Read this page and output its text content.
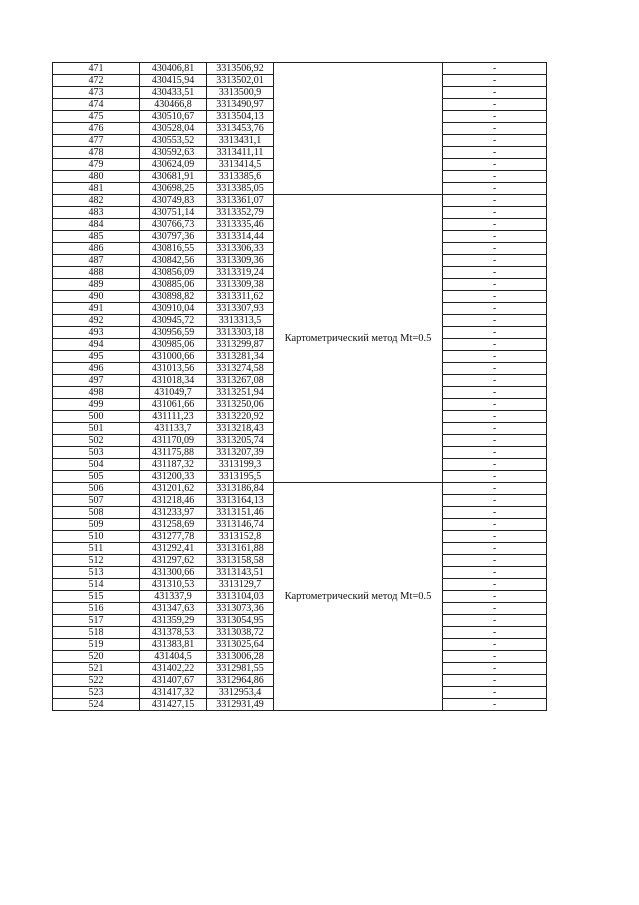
471	430406,81	3313506,92		-
472	430415,94	3313502,01		-
473	430433,51	3313500,9		-
474	430466,8	3313490,97		-
475	430510,67	3313504,13		-
476	430528,04	3313453,76		-
477	430553,52	3313431,1		-
478	430592,63	3313411,11		-
479	430624,09	3313414,5		-
480	430681,91	3313385,6		-
481	430698,25	3313385,05		-
482	430749,83	3313361,07	Картометрический метод Mt=0.5	-
483	430751,14	3313352,79		-
484	430766,73	3313335,46		-
485	430797,36	3313314,44		-
486	430816,55	3313306,33		-
487	430842,56	3313309,36		-
488	430856,09	3313319,24		-
489	430885,06	3313309,38		-
490	430898,82	3313311,62		-
491	430910,04	3313307,93		-
492	430945,72	3313313,5		-
493	430956,59	3313303,18		-
494	430985,06	3313299,87		-
495	431000,66	3313281,34		-
496	431013,56	3313274,58		-
497	431018,34	3313267,08		-
498	431049,7	3313251,94		-
499	431061,66	3313250,06		-
500	431111,23	3313220,92		-
501	431133,7	3313218,43		-
502	431170,09	3313205,74		-
503	431175,88	3313207,39		-
504	431187,32	3313199,3		-
505	431200,33	3313195,5		-
506	431201,62	3313186,84	Картометрический метод Mt=0.5	-
507	431218,46	3313164,13		-
508	431233,97	3313151,46		-
509	431258,69	3313146,74		-
510	431277,78	3313152,8		-
511	431292,41	3313161,88		-
512	431297,62	3313158,58		-
513	431300,66	3313143,51		-
514	431310,53	3313129,7		-
515	431337,9	3313104,03		-
516	431347,63	3313073,36		-
517	431359,29	3313054,95		-
518	431378,53	3313038,72		-
519	431383,81	3313025,64		-
520	431404,5	3313006,28		-
521	431402,22	3312981,55		-
522	431407,67	3312964,86		-
523	431417,32	3312953,4		-
524	431427,15	3312931,49		-
